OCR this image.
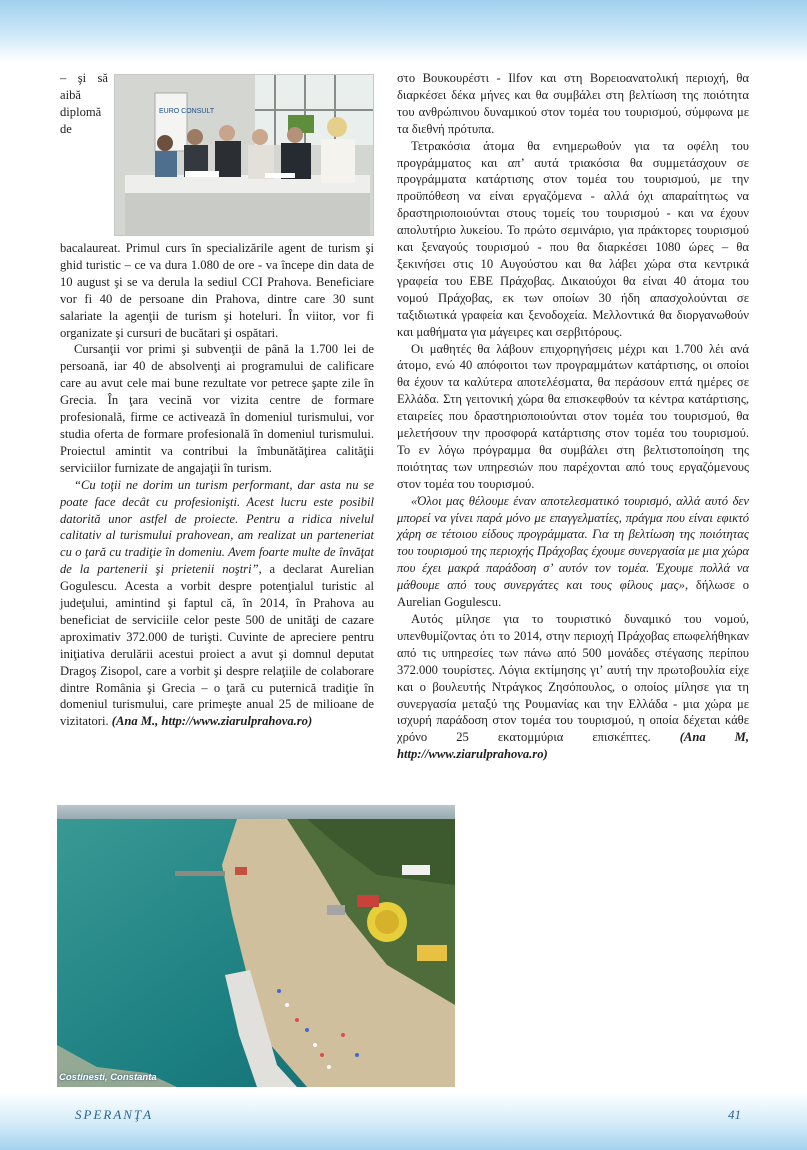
EURO CONSULT

– şi să aibă diplomă de bacalaureat. Primul curs în specializările agent de turism şi ghid turistic – ce va dura 1.080 de ore - va începe din data de 10 august şi se va derula la sediul CCI Prahova. Beneficiare vor fi 40 de persoane din Prahova, dintre care 30 sunt salariate la agenţii de turism şi hoteluri. În viitor, vor fi organizate şi cursuri de bucătari şi ospătari.

Cursanţii vor primi şi subvenţii de până la 1.700 lei de persoană, iar 40 de absolvenţi ai programului de calificare care au avut cele mai bune rezultate vor petrece şapte zile în Grecia. În ţara vecină vor vizita centre de formare profesională, firme ce activează în domeniul turismului, vor studia oferta de formare profesională în domeniul turismului. Proiectul amintit va contribui la îmbunătăţirea calităţii serviciilor furnizate de angajaţii în turism.

“Cu toţii ne dorim un turism performant, dar asta nu se poate face decât cu profesionişti. Acest lucru este posibil datorită unor astfel de proiecte. Pentru a ridica nivelul calitativ al turismului prahovean, am realizat un parteneriat cu o ţară cu tradiţie în domeniu. Avem foarte multe de învăţat de la partenerii şi prietenii noştri”, a declarat Aurelian Gogulescu. Acesta a vorbit despre potenţialul turistic al judeţului, amintind şi faptul că, în 2014, în Prahova au beneficiat de serviciile celor peste 500 de unităţi de cazare aproximativ 372.000 de turişti. Cuvinte de apreciere pentru iniţiativa derulării acestui proiect a avut şi domnul deputat Dragoş Zisopol, care a vorbit şi despre relaţiile de colaborare dintre România şi Grecia – o ţară cu puternică tradiţie în domeniul turismului, care primeşte anual 25 de milioane de vizitatori. (Ana M., http://www.ziarulprahova.ro)

Costinesti, Constanta

στο Βουκουρέστι - Ilfov και στη Βορειοανατολική περιοχή, θα διαρκέσει δέκα μήνες και θα συμβάλει στη βελτίωση της ποιότητα του ανθρώπινου δυναμικού στον τομέα του τουρισμού, σύμφωνα με τα διεθνή πρότυπα.

Τετρακόσια άτομα θα ενημερωθούν για τα οφέλη του προγράμματος και απ’ αυτά τριακόσια θα συμμετάσχουν σε προγράμματα κατάρτισης στον τομέα του τουρισμού, με την προϋπόθεση να είναι εργαζόμενα - αλλά όχι απαραίτητως να δραστηριοποιούνται στους τομείς του τουρισμού - και να έχουν απολυτήριο λυκείου. Το πρώτο σεμινάριο, για πράκτορες τουρισμού και ξεναγούς τουρισμού - που θα διαρκέσει 1080 ώρες – θα ξεκινήσει στις 10 Αυγούστου και θα λάβει χώρα στα κεντρικά γραφεία του ΕΒΕ Πράχοβας. Δικαιούχοι θα είναι 40 άτομα του νομού Πράχοβας, εκ των οποίων 30 ήδη απασχολούνται σε ταξιδιωτικά γραφεία και ξενοδοχεία. Μελλοντικά θα διοργανωθούν και μαθήματα για μάγειρες και σερβιτόρους.

Οι μαθητές θα λάβουν επιχορηγήσεις μέχρι και 1.700 λέι ανά άτομο, ενώ 40 απόφοιτοι των προγραμμάτων κατάρτισης, οι οποίοι θα έχουν τα καλύτερα αποτελέσματα, θα περάσουν επτά ημέρες σε Ελλάδα. Στη γειτονική χώρα θα επισκεφθούν τα κέντρα κατάρτισης, εταιρείες που δραστηριοποιούνται στον τομέα του τουρισμού, θα μελετήσουν την προσφορά κατάρτισης στον τομέα του τουρισμού. Το εν λόγω πρόγραμμα θα συμβάλει στη βελτιστοποίηση της ποιότητας των υπηρεσιών που παρέχονται από τους εργαζόμενους στον τομέα του τουρισμού.

«Όλοι μας θέλουμε έναν αποτελεσματικό τουρισμό, αλλά αυτό δεν μπορεί να γίνει παρά μόνο με επαγγελματίες, πράγμα που είναι εφικτό χάρη σε τέτοιου είδους προγράμματα. Για τη βελτίωση της ποιότητας του τουρισμού της περιοχής Πράχοβας έχουμε συνεργασία με μια χώρα που έχει μακρά παράδοση σ’ αυτόν τον τομέα. Έχουμε πολλά να μάθουμε από τους συνεργάτες και τους φίλους μας», δήλωσε ο Aurelian Gogulescu.

Αυτός μίλησε για το τουριστικό δυναμικό του νομού, υπενθυμίζοντας ότι το 2014, στην περιοχή Πράχοβας επωφελήθηκαν από τις υπηρεσίες των πάνω από 500 μονάδες στέγασης περίπου 372.000 τουρίστες. Λόγια εκτίμησης γι’ αυτή την πρωτοβουλία είχε και ο βουλευτής Ντράγκος Ζησόπουλος, ο οποίος μίλησε για τη συνεργασία μεταξύ της Ρουμανίας και την Ελλάδα - μια χώρα με ισχυρή παράδοση στον τομέα του τουρισμού, η οποία δέχεται κάθε χρόνο 25 εκατομμύρια επισκέπτες. (Ana M, http://www.ziarulprahova.ro)

SPERANŢA	41
